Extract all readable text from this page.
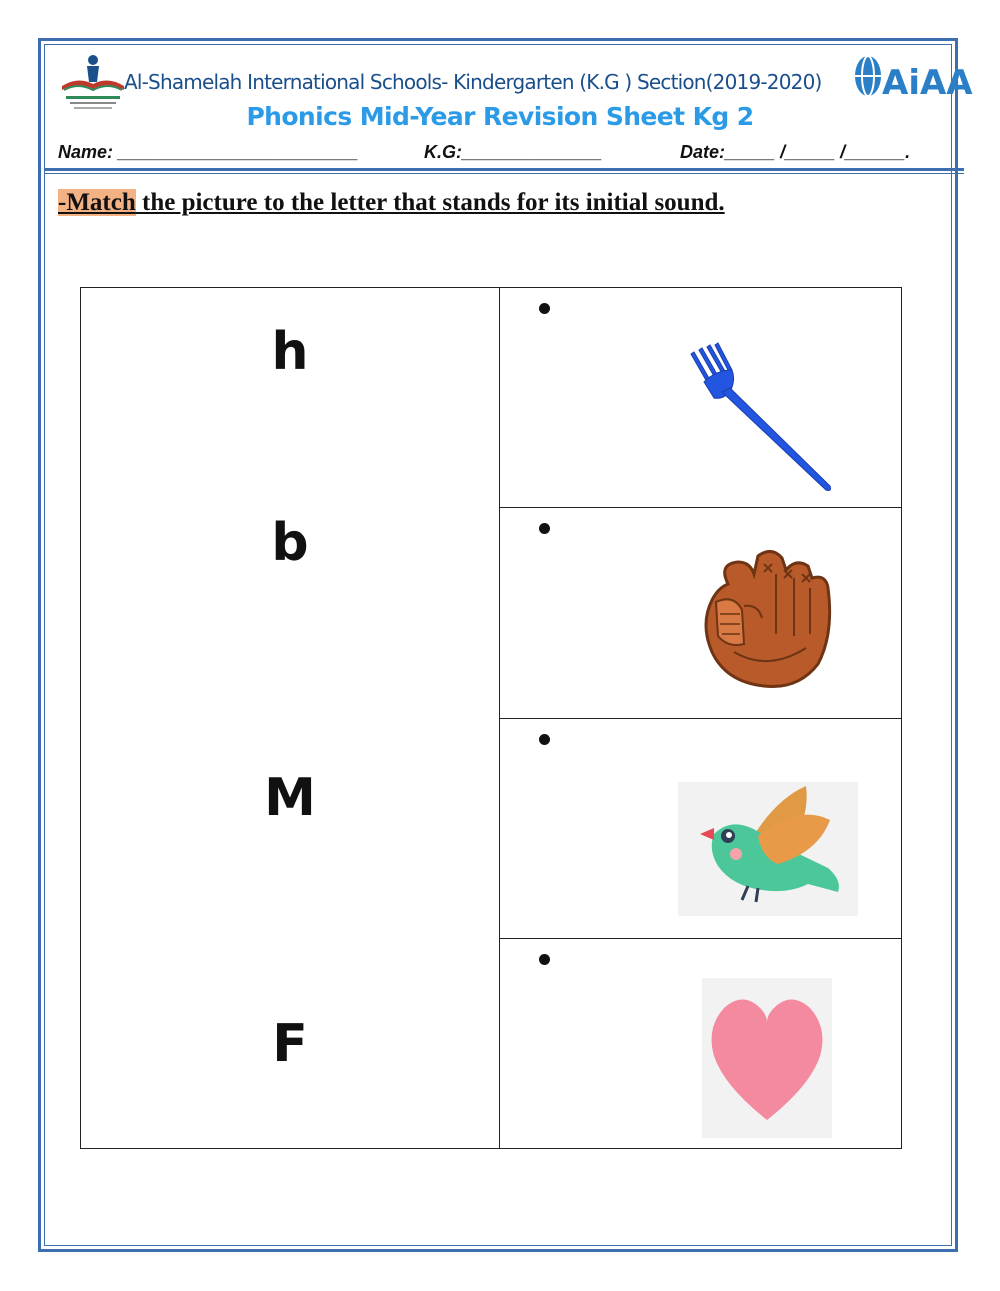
Al-Shamelah International Schools- Kindergarten (K.G ) Section(2019-2020) AiAA
Phonics Mid-Year Revision Sheet Kg 2
Name: ________________________	K.G:______________	Date:_____ /_____ /______.
-Match the picture to the letter that stands for its initial sound.
h
b
M
F
